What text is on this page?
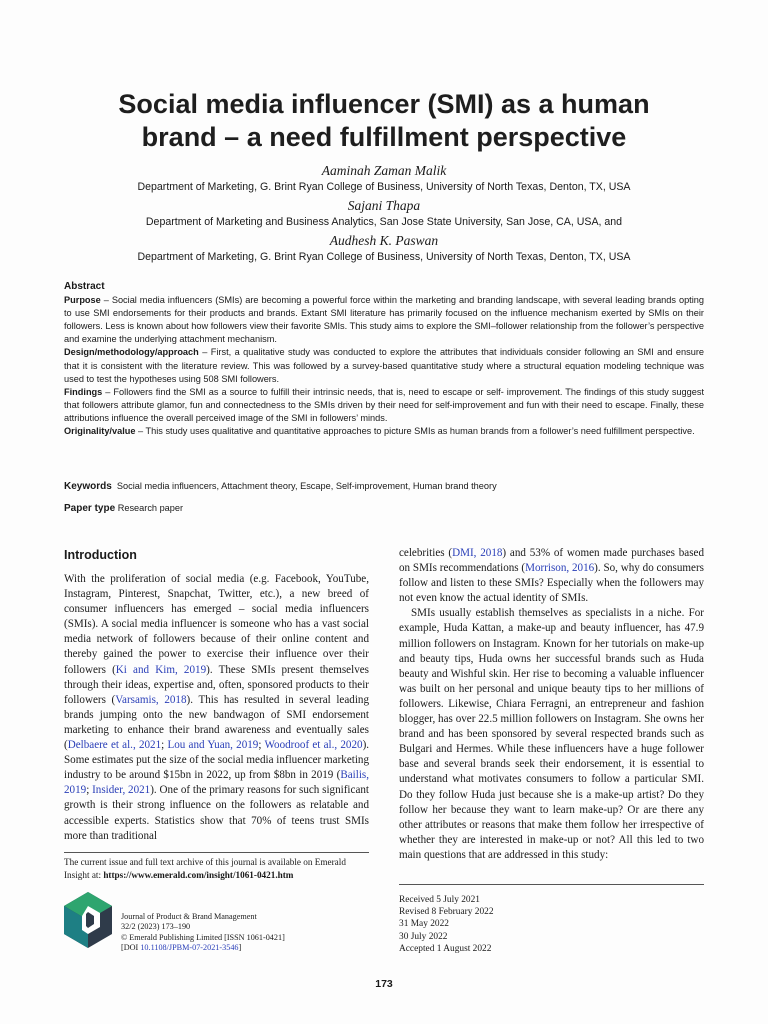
Social media influencer (SMI) as a human
brand – a need fulfillment perspective
Aaminah Zaman Malik
Department of Marketing, G. Brint Ryan College of Business, University of North Texas, Denton, TX, USA
Sajani Thapa
Department of Marketing and Business Analytics, San Jose State University, San Jose, CA, USA, and
Audhesh K. Paswan
Department of Marketing, G. Brint Ryan College of Business, University of North Texas, Denton, TX, USA
Abstract

Purpose – Social media influencers (SMIs) are becoming a powerful force within the marketing and branding landscape, with several leading brands opting to use SMI endorsements for their products and brands. Extant SMI literature has primarily focused on the influence mechanism exerted by SMIs on their followers. Less is known about how followers view their favorite SMIs. This study aims to explore the SMI–follower relationship from the follower’s perspective and examine the underlying attachment mechanism.

Design/methodology/approach – First, a qualitative study was conducted to explore the attributes that individuals consider following an SMI and ensure that it is consistent with the literature review. This was followed by a survey-based quantitative study where a structural equation modeling technique was used to test the hypotheses using 508 SMI followers.

Findings – Followers find the SMI as a source to fulfill their intrinsic needs, that is, need to escape or self- improvement. The findings of this study suggest that followers attribute glamor, fun and connectedness to the SMIs driven by their need for self-improvement and fun with their need to escape. Finally, these attributions influence the overall perceived image of the SMI in followers’ minds.

Originality/value – This study uses qualitative and quantitative approaches to picture SMIs as human brands from a follower’s need fulfillment perspective.

Keywords Social media influencers, Attachment theory, Escape, Self-improvement, Human brand theory
Paper type Research paper
Introduction

With the proliferation of social media (e.g. Facebook, YouTube, Instagram, Pinterest, Snapchat, Twitter, etc.), a new breed of consumer influencers has emerged – social media influencers (SMIs). A social media influencer is someone who has a vast social media network of followers because of their online content and thereby gained the power to exercise their influence over their followers (Ki and Kim, 2019). These SMIs present themselves through their ideas, expertise and, often, sponsored products to their followers (Varsamis, 2018). This has resulted in several leading brands jumping onto the new bandwagon of SMI endorsement marketing to enhance their brand awareness and eventually sales (Delbaere et al., 2021; Lou and Yuan, 2019; Woodroof et al., 2020). Some estimates put the size of the social media influencer marketing industry to be around $15bn in 2022, up from $8bn in 2019 (Bailis, 2019; Insider, 2021). One of the primary reasons for such significant growth is their strong influence on the followers as relatable and accessible experts. Statistics show that 70% of teens trust SMIs more than traditional

celebrities (DMI, 2018) and 53% of women made purchases based on SMIs recommendations (Morrison, 2016). So, why do consumers follow and listen to these SMIs? Especially when the followers may not even know the actual identity of SMIs.

SMIs usually establish themselves as specialists in a niche. For example, Huda Kattan, a make-up and beauty influencer, has 47.9 million followers on Instagram. Known for her tutorials on make-up and beauty tips, Huda owns her successful brands such as Huda beauty and Wishful skin. Her rise to becoming a valuable influencer was built on her personal and unique beauty tips to her millions of followers. Likewise, Chiara Ferragni, an entrepreneur and fashion blogger, has over 22.5 million followers on Instagram. She owns her brand and has been sponsored by several respected brands such as Bulgari and Hermes. While these influencers have a huge follower base and several brands seek their endorsement, it is essential to understand what motivates consumers to follow a particular SMI. Do they follow Huda just because she is a make-up artist? Do they follow her because they want to learn make-up? Or are there any other attributes or reasons that make them follow her irrespective of whether they are interested in make-up or not? All this led to two main questions that are addressed in this study:

The current issue and full text archive of this journal is available on Emerald Insight at: https://www.emerald.com/insight/1061-0421.htm
Journal of Product & Brand Management
32/2 (2023) 173–190
© Emerald Publishing Limited [ISSN 1061-0421]
[DOI 10.1108/JPBM-07-2021-3546]
Received 5 July 2021
Revised 8 February 2022
31 May 2022
30 July 2022
Accepted 1 August 2022
173
